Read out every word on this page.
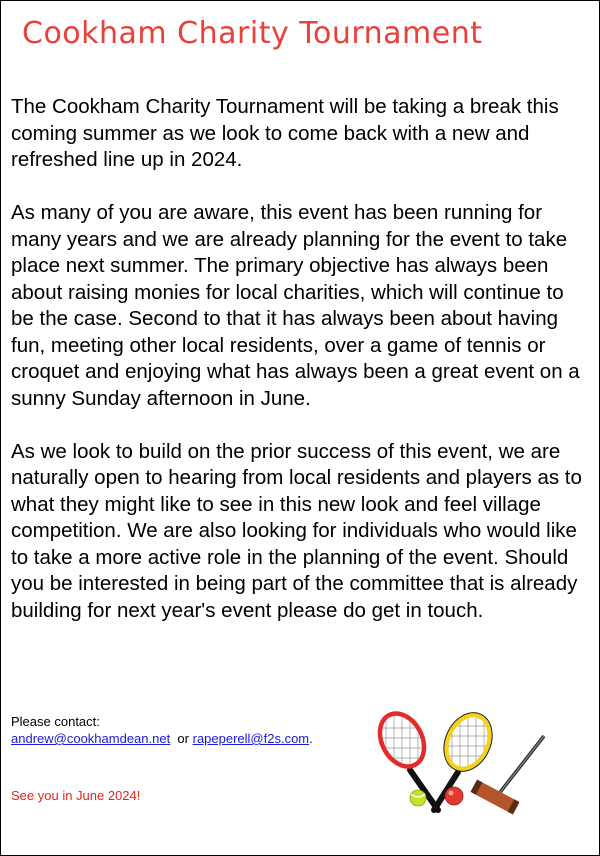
Cookham Charity Tournament

The Cookham Charity Tournament will be taking a break this coming summer as we look to come back with a new and refreshed line up in 2024.

As many of you are aware, this event has been running for many years and we are already planning for the event to take place next summer. The primary objective has always been about raising monies for local charities, which will continue to be the case. Second to that it has always been about having fun, meeting other local residents, over a game of tennis or croquet and enjoying what has always been a great event on a sunny Sunday afternoon in June.

As we look to build on the prior success of this event, we are naturally open to hearing from local residents and players as to what they might like to see in this new look and feel village competition. We are also looking for individuals who would like to take a more active role in the planning of the event. Should you be interested in being part of the committee that is already building for next year's event please do get in touch.

Please contact:
andrew@cookhamdean.net or rapeperell@f2s.com.
See you in June 2024!
